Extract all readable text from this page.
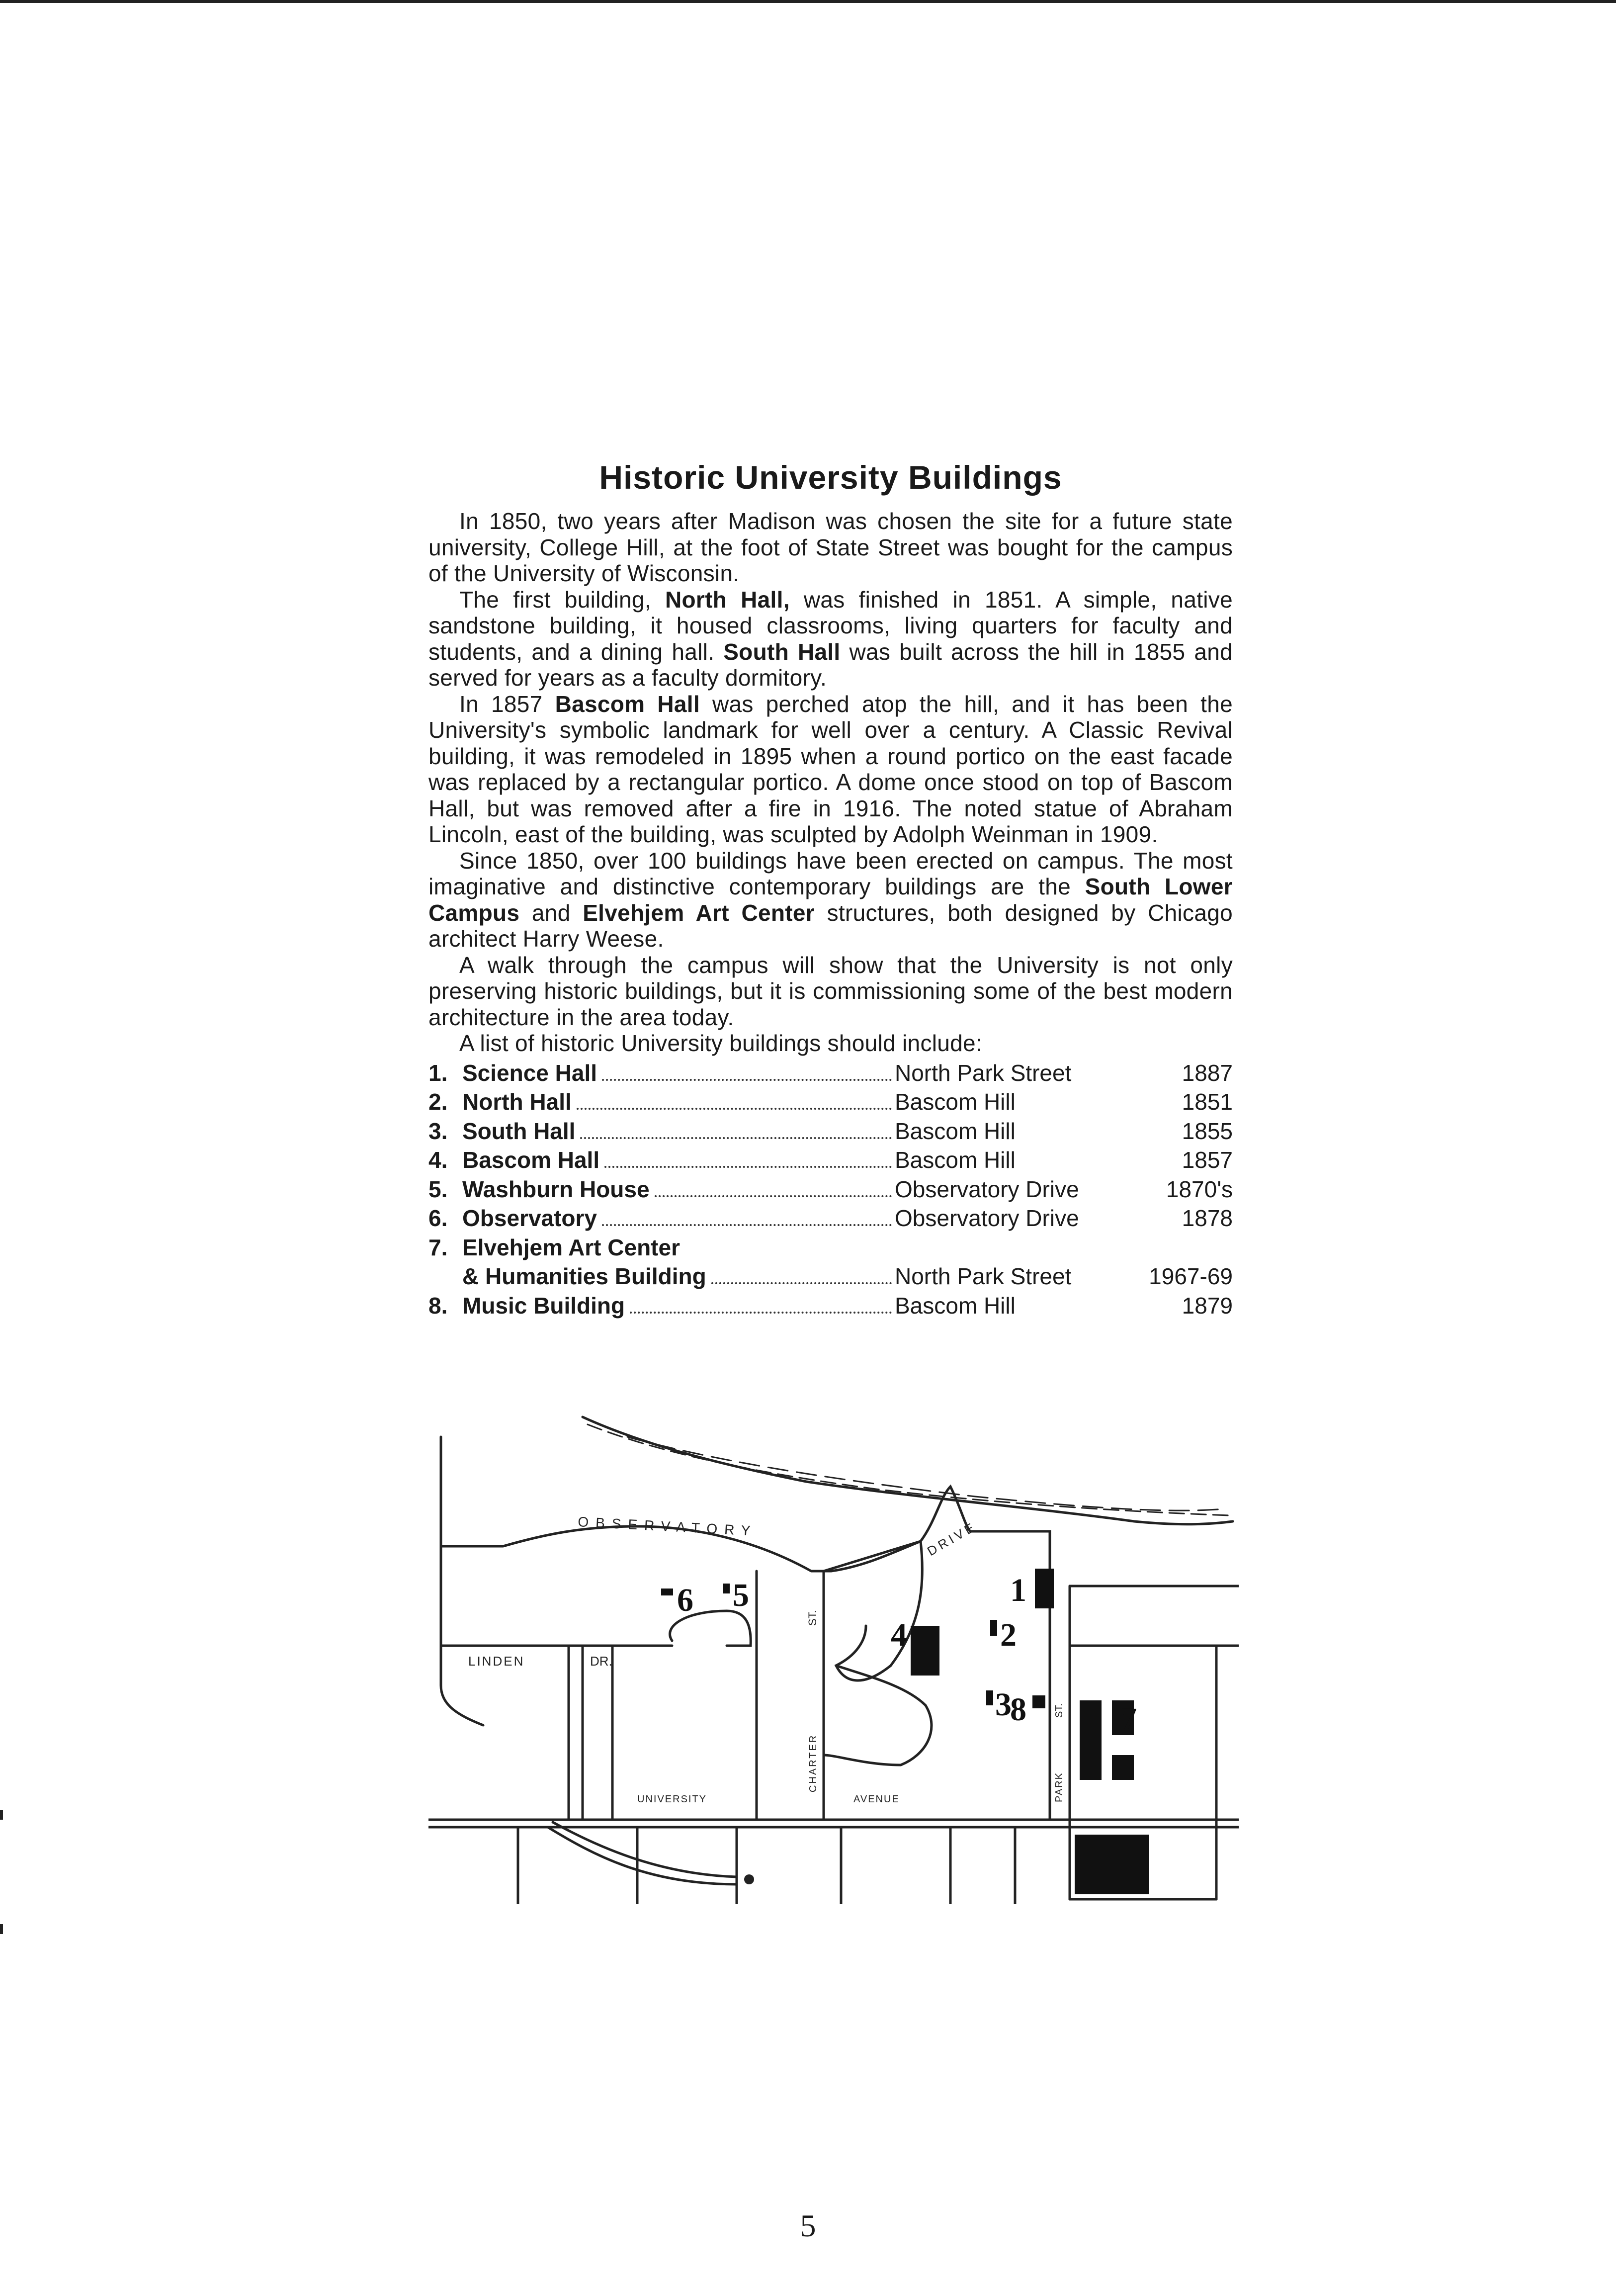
Historic University Buildings

In 1850, two years after Madison was chosen the site for a future state university, College Hill, at the foot of State Street was bought for the campus of the University of Wisconsin.

The first building, North Hall, was finished in 1851. A simple, native sandstone building, it housed classrooms, living quarters for faculty and students, and a dining hall. South Hall was built across the hill in 1855 and served for years as a faculty dormitory.

In 1857 Bascom Hall was perched atop the hill, and it has been the University's symbolic landmark for well over a century. A Classic Revival building, it was remodeled in 1895 when a round portico on the east facade was replaced by a rectangular portico. A dome once stood on top of Bascom Hall, but was removed after a fire in 1916. The noted statue of Abraham Lincoln, east of the building, was sculpted by Adolph Weinman in 1909.

Since 1850, over 100 buildings have been erected on campus. The most imaginative and distinctive contemporary buildings are the South Lower Campus and Elvehjem Art Center structures, both designed by Chicago architect Harry Weese.

A walk through the campus will show that the University is not only preserving historic buildings, but it is commissioning some of the best modern architecture in the area today.

A list of historic University buildings should include:

1. Science Hall	North Park Street	1887
2. North Hall	Bascom Hill	1851
3. South Hall	Bascom Hill	1855
4. Bascom Hall	Bascom Hill	1857
5. Washburn House	Observatory Drive	1870's
6. Observatory	Observatory Drive	1878
7. Elvehjem Art Center
& Humanities Building	North Park Street	1967-69
8. Music Building	Bascom Hill	1879
1
2
3
4
5
6
7
8
OBSERVATORY
LINDEN	DR.
ST.
DRIVE
CHARTER
UNIVERSITY	AVENUE	PARK
ST.
5
